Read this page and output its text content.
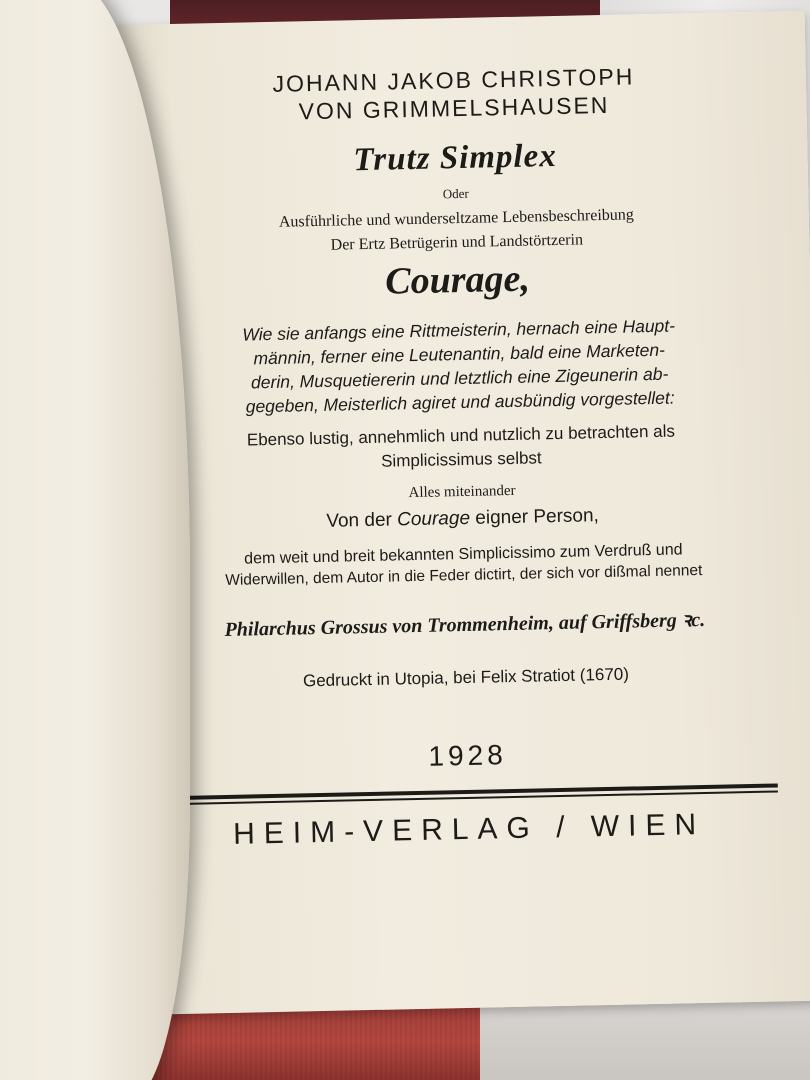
JOHANN JAKOB CHRISTOPH
VON GRIMMELSHAUSEN
Trutz Simplex
Oder
Ausführliche und wunderseltzame Lebensbeschreibung
Der Ertz Betrügerin und Landstörtzerin
Courage,
Wie sie anfangs eine Rittmeisterin, hernach eine Haupt-
männin, ferner eine Leutenantin, bald eine Marketen-
derin, Musquetiererin und letztlich eine Zigeunerin ab-
gegeben, Meisterlich agiret und ausbündig vorgestellet:
Ebenso lustig, annehmlich und nutzlich zu betrachten als
Simplicissimus selbst
Alles miteinander
Von der Courage eigner Person,
dem weit und breit bekannten Simplicissimo zum Verdruß und
Widerwillen, dem Autor in die Feder dictirt, der sich vor dißmal nennet
Philarchus Grossus von Trommenheim, auf Griffsberg ꝛc.
Gedruckt in Utopia, bei Felix Stratiot (1670)
1928
HEIM-VERLAG / WIEN
